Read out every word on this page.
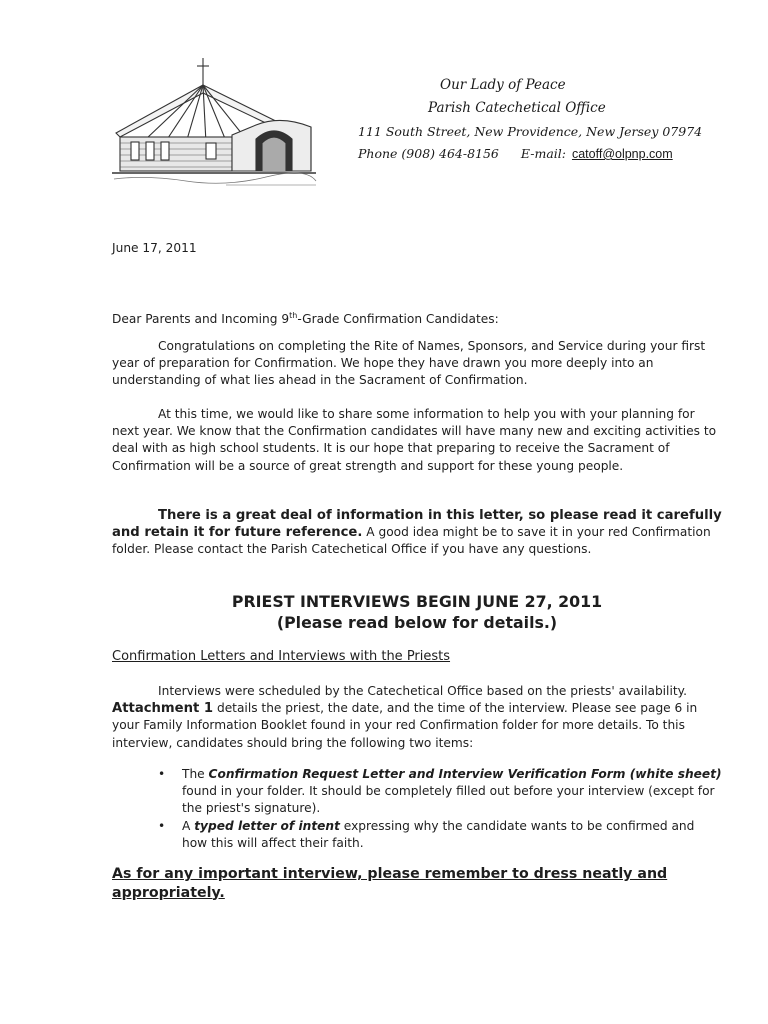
Our Lady of Peace
Parish Catechetical Office
111 South Street, New Providence, New Jersey 07974
Phone (908) 464-8156 E-mail: catoff@olpnp.com
June 17, 2011
Dear Parents and Incoming 9th-Grade Confirmation Candidates:

Congratulations on completing the Rite of Names, Sponsors, and Service during your first year of preparation for Confirmation. We hope they have drawn you more deeply into an understanding of what lies ahead in the Sacrament of Confirmation.

At this time, we would like to share some information to help you with your planning for next year. We know that the Confirmation candidates will have many new and exciting activities to deal with as high school students. It is our hope that preparing to receive the Sacrament of Confirmation will be a source of great strength and support for these young people.

There is a great deal of information in this letter, so please read it carefully and retain it for future reference. A good idea might be to save it in your red Confirmation folder. Please contact the Parish Catechetical Office if you have any questions.

PRIEST INTERVIEWS BEGIN JUNE 27, 2011
(Please read below for details.)
Confirmation Letters and Interviews with the Priests

Interviews were scheduled by the Catechetical Office based on the priests' availability. Attachment 1 details the priest, the date, and the time of the interview. Please see page 6 in your Family Information Booklet found in your red Confirmation folder for more details. To this interview, candidates should bring the following two items:

• The Confirmation Request Letter and Interview Verification Form (white sheet) found in your folder. It should be completely filled out before your interview (except for the priest's signature).
• A typed letter of intent expressing why the candidate wants to be confirmed and how this will affect their faith.
As for any important interview, please remember to dress neatly and appropriately.
